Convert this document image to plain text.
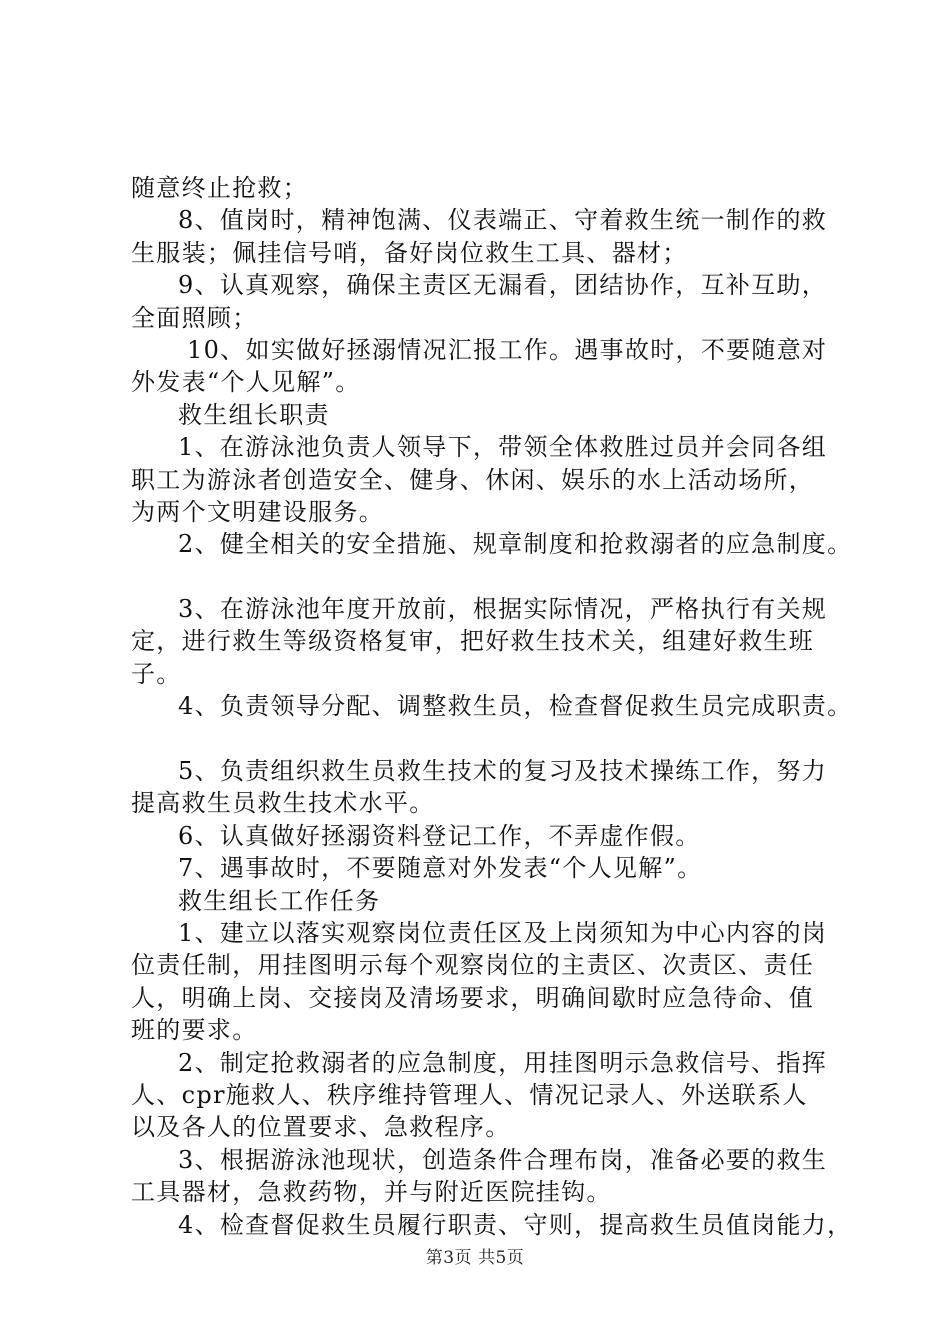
随意终止抢救；
8、值岗时，精神饱满、仪表端正、守着救生统一制作的救
生服装；佩挂信号哨，备好岗位救生工具、器材；
9、认真观察，确保主责区无漏看，团结协作，互补互助，
全面照顾；
10、如实做好拯溺情况汇报工作。遇事故时，不要随意对
外发表“个人见解”。
救生组长职责
1、在游泳池负责人领导下，带领全体救胜过员并会同各组
职工为游泳者创造安全、健身、休闲、娱乐的水上活动场所，
为两个文明建设服务。
2、健全相关的安全措施、规章制度和抢救溺者的应急制度。
3、在游泳池年度开放前，根据实际情况，严格执行有关规
定，进行救生等级资格复审，把好救生技术关，组建好救生班
子。
4、负责领导分配、调整救生员，检查督促救生员完成职责。
5、负责组织救生员救生技术的复习及技术操练工作，努力
提高救生员救生技术水平。
6、认真做好拯溺资料登记工作，不弄虚作假。
7、遇事故时，不要随意对外发表“个人见解”。
救生组长工作任务
1、建立以落实观察岗位责任区及上岗须知为中心内容的岗
位责任制，用挂图明示每个观察岗位的主责区、次责区、责任
人，明确上岗、交接岗及清场要求，明确间歇时应急待命、值
班的要求。
2、制定抢救溺者的应急制度，用挂图明示急救信号、指挥
人、cpr施救人、秩序维持管理人、情况记录人、外送联系人
以及各人的位置要求、急救程序。
3、根据游泳池现状，创造条件合理布岗，准备必要的救生
工具器材，急救药物，并与附近医院挂钩。
4、检查督促救生员履行职责、守则，提高救生员值岗能力，
第3页 共5页
